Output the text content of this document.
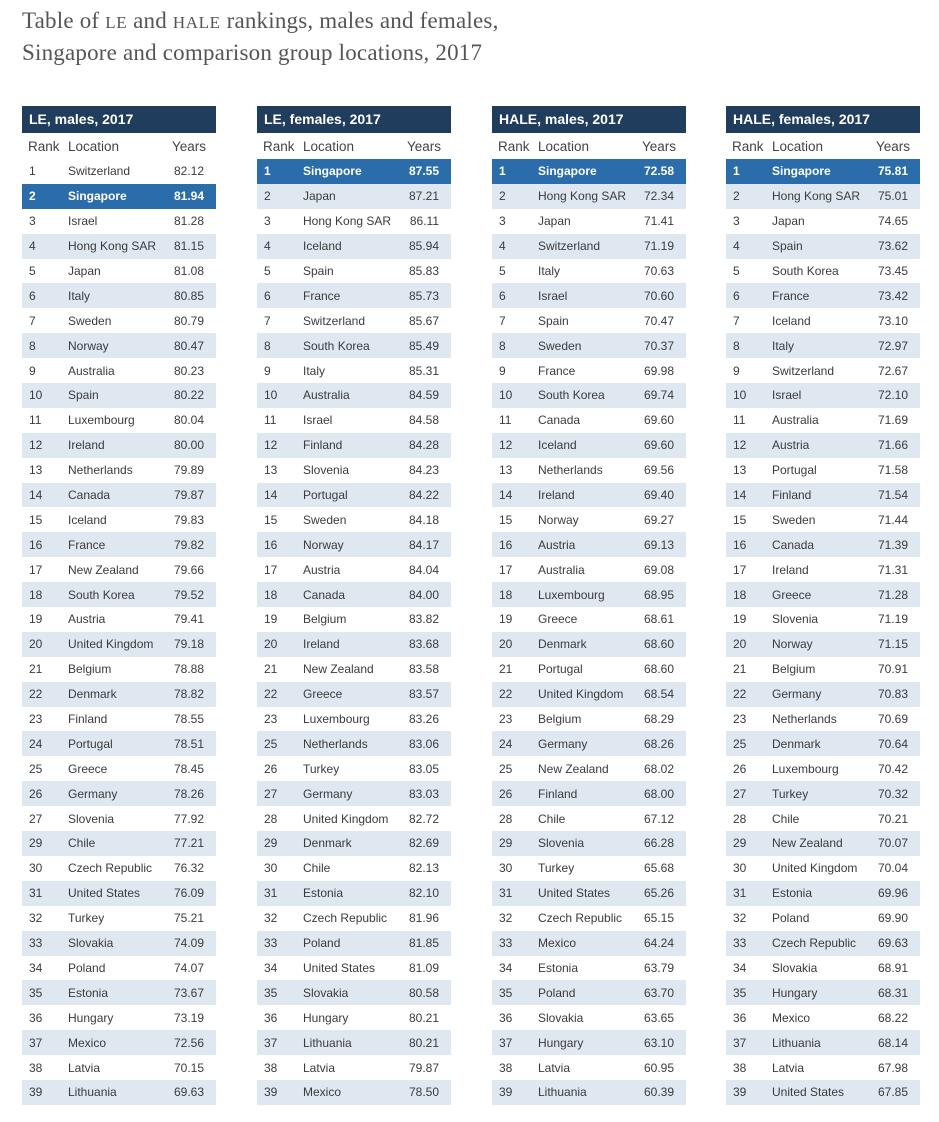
Table of LE and HALE rankings, males and females,
Singapore and comparison group locations, 2017
LE, males, 2017
Rank Location	Years
1	Switzerland	82.12
2	Singapore	81.94
3	Israel	81.28
4	Hong Kong SAR	81.15
5	Japan	81.08
6	Italy	80.85
7	Sweden	80.79
8	Norway	80.47
9	Australia	80.23
10	Spain	80.22
11	Luxembourg	80.04
12	Ireland	80.00
13	Netherlands	79.89
14	Canada	79.87
15	Iceland	79.83
16	France	79.82
17	New Zealand	79.66
18	South Korea	79.52
19	Austria	79.41
20	United Kingdom	79.18
21	Belgium	78.88
22	Denmark	78.82
23	Finland	78.55
24	Portugal	78.51
25	Greece	78.45
26	Germany	78.26
27	Slovenia	77.92
29	Chile	77.21
30	Czech Republic	76.32
31	United States	76.09
32	Turkey	75.21
33	Slovakia	74.09
34	Poland	74.07
35	Estonia	73.67
36	Hungary	73.19
37	Mexico	72.56
38	Latvia	70.15
39	Lithuania	69.63
LE, females, 2017
Rank Location	Years
1	Singapore	87.55
2	Japan	87.21
3	Hong Kong SAR	86.11
4	Iceland	85.94
5	Spain	85.83
6	France	85.73
7	Switzerland	85.67
8	South Korea	85.49
9	Italy	85.31
10	Australia	84.59
11	Israel	84.58
12	Finland	84.28
13	Slovenia	84.23
14	Portugal	84.22
15	Sweden	84.18
16	Norway	84.17
17	Austria	84.04
18	Canada	84.00
19	Belgium	83.82
20	Ireland	83.68
21	New Zealand	83.58
22	Greece	83.57
23	Luxembourg	83.26
25	Netherlands	83.06
26	Turkey	83.05
27	Germany	83.03
28	United Kingdom	82.72
29	Denmark	82.69
30	Chile	82.13
31	Estonia	82.10
32	Czech Republic	81.96
33	Poland	81.85
34	United States	81.09
35	Slovakia	80.58
36	Hungary	80.21
37	Lithuania	80.21
38	Latvia	79.87
39	Mexico	78.50
HALE, males, 2017
Rank Location	Years
1	Singapore	72.58
2	Hong Kong SAR	72.34
3	Japan	71.41
4	Switzerland	71.19
5	Italy	70.63
6	Israel	70.60
7	Spain	70.47
8	Sweden	70.37
9	France	69.98
10	South Korea	69.74
11	Canada	69.60
12	Iceland	69.60
13	Netherlands	69.56
14	Ireland	69.40
15	Norway	69.27
16	Austria	69.13
17	Australia	69.08
18	Luxembourg	68.95
19	Greece	68.61
20	Denmark	68.60
21	Portugal	68.60
22	United Kingdom	68.54
23	Belgium	68.29
24	Germany	68.26
25	New Zealand	68.02
26	Finland	68.00
28	Chile	67.12
29	Slovenia	66.28
30	Turkey	65.68
31	United States	65.26
32	Czech Republic	65.15
33	Mexico	64.24
34	Estonia	63.79
35	Poland	63.70
36	Slovakia	63.65
37	Hungary	63.10
38	Latvia	60.95
39	Lithuania	60.39
HALE, females, 2017
Rank Location	Years
1	Singapore	75.81
2	Hong Kong SAR	75.01
3	Japan	74.65
4	Spain	73.62
5	South Korea	73.45
6	France	73.42
7	Iceland	73.10
8	Italy	72.97
9	Switzerland	72.67
10	Israel	72.10
11	Australia	71.69
12	Austria	71.66
13	Portugal	71.58
14	Finland	71.54
15	Sweden	71.44
16	Canada	71.39
17	Ireland	71.31
18	Greece	71.28
19	Slovenia	71.19
20	Norway	71.15
21	Belgium	70.91
22	Germany	70.83
23	Netherlands	70.69
25	Denmark	70.64
26	Luxembourg	70.42
27	Turkey	70.32
28	Chile	70.21
29	New Zealand	70.07
30	United Kingdom	70.04
31	Estonia	69.96
32	Poland	69.90
33	Czech Republic	69.63
34	Slovakia	68.91
35	Hungary	68.31
36	Mexico	68.22
37	Lithuania	68.14
38	Latvia	67.98
39	United States	67.85
